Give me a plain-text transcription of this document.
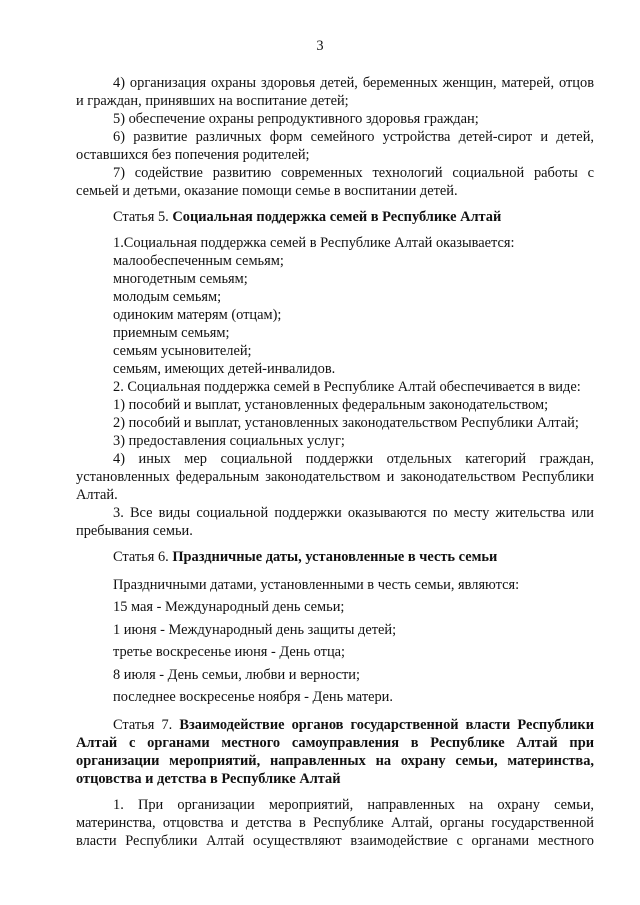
3

4) организация охраны здоровья детей, беременных женщин, матерей, отцов и граждан, принявших на воспитание детей;

5) обеспечение охраны репродуктивного здоровья граждан;

6) развитие различных форм семейного устройства детей-сирот и детей, оставшихся без попечения родителей;

7) содействие развитию современных технологий социальной работы с семьей и детьми, оказание помощи семье в воспитании детей.

Статья 5. Социальная поддержка семей в Республике Алтай

1.Социальная поддержка семей в Республике Алтай оказывается:

малообеспеченным семьям;

многодетным семьям;

молодым семьям;

одиноким матерям (отцам);

приемным семьям;

семьям усыновителей;

семьям, имеющих детей-инвалидов.

2. Социальная поддержка семей в Республике Алтай обеспечивается в виде:

1) пособий и выплат, установленных федеральным законодательством;

2) пособий и выплат, установленных законодательством Республики Алтай;

3) предоставления социальных услуг;

4) иных мер социальной поддержки отдельных категорий граждан, установленных федеральным законодательством и законодательством Республики Алтай.

3. Все виды социальной поддержки оказываются по месту жительства или пребывания семьи.

Статья 6. Праздничные даты, установленные в честь семьи

Праздничными датами, установленными в честь семьи, являются:

15 мая - Международный день семьи;

1 июня - Международный день защиты детей;

третье воскресенье июня - День отца;

8 июля - День семьи, любви и верности;

последнее воскресенье ноября - День матери.

Статья 7. Взаимодействие органов государственной власти Республики Алтай с органами местного самоуправления в Республике Алтай при организации мероприятий, направленных на охрану семьи, материнства, отцовства и детства в Республике Алтай

1. При организации мероприятий, направленных на охрану семьи, материнства, отцовства и детства в Республике Алтай, органы государственной власти Республики Алтай осуществляют взаимодействие с органами местного
